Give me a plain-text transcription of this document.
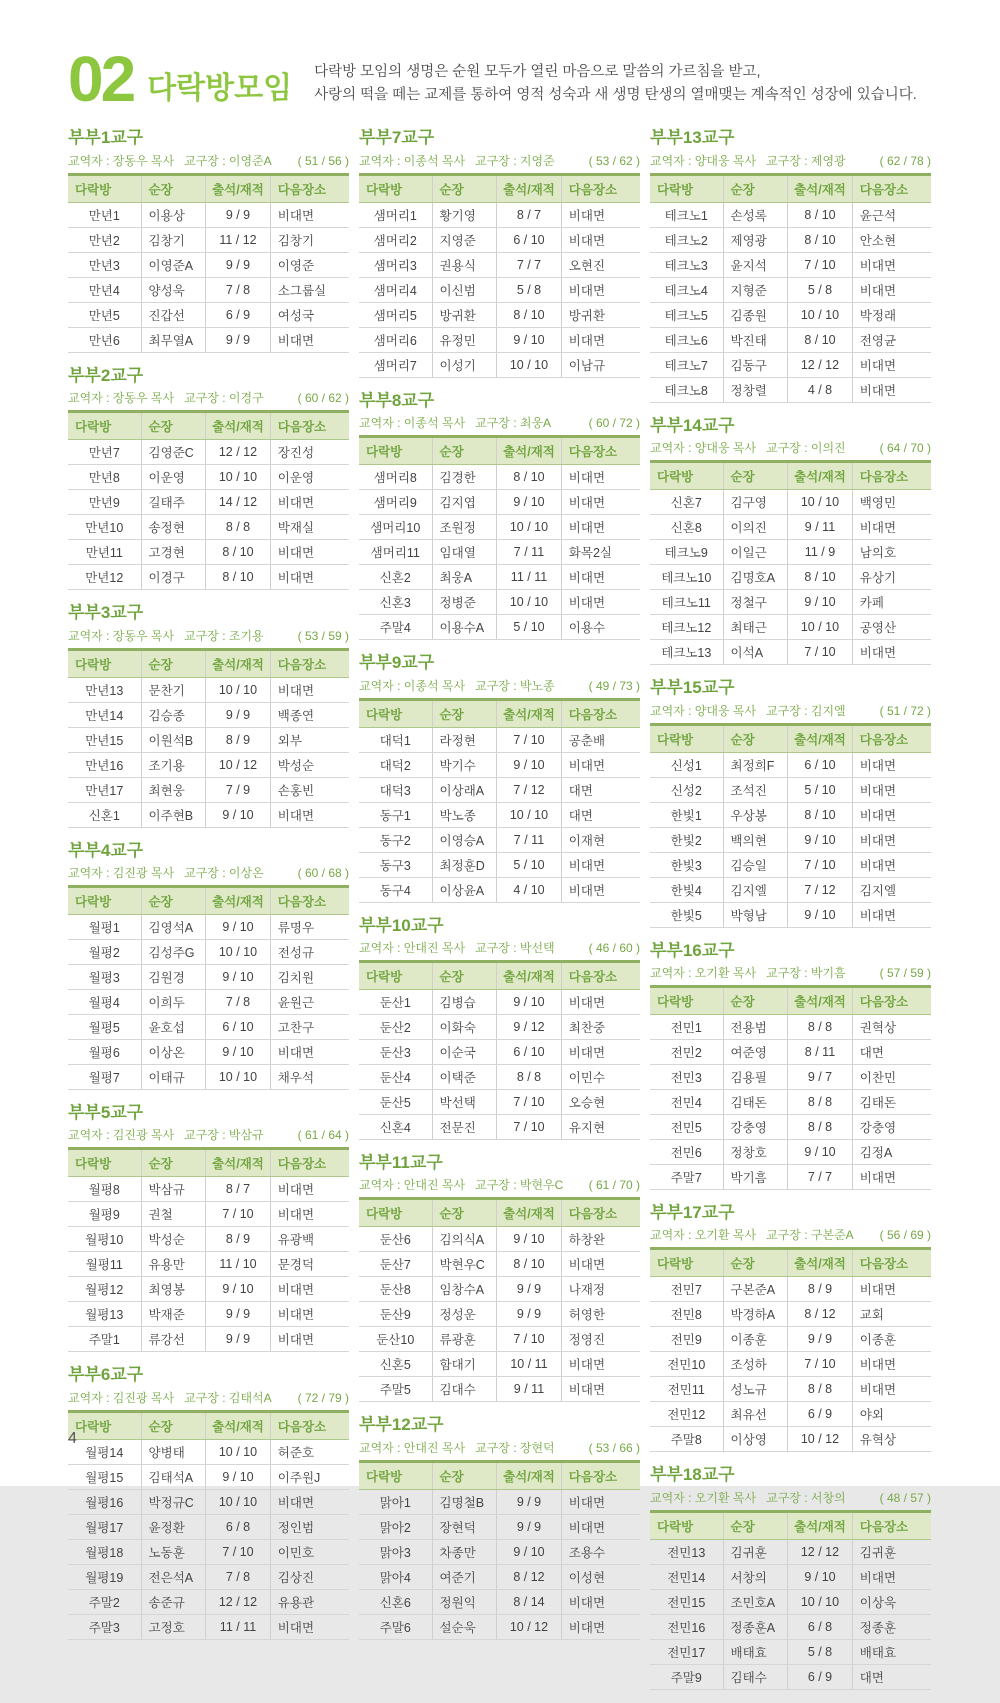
02 다락방모임 다락방 모임의 생명은 순원 모두가 열린 마음으로 말씀의 가르침을 받고,
사랑의 떡을 떼는 교제를 통하여 영적 성숙과 새 생명 탄생의 열매맺는 계속적인 성장에 있습니다.

부부1교구
교역자 : 장동우 목사 교구장 : 이영준A ( 51 / 56 )
다락방	순장	출석/재적	다음장소
만년1	이용상	9 / 9	비대면
만년2	김창기	11 / 12	김창기
만년3	이영준A	9 / 9	이영준
만년4	양성욱	7 / 8	소그룹실
만년5	진갑선	6 / 9	여성국
만년6	최무열A	9 / 9	비대면
부부2교구
교역자 : 장동우 목사 교구장 : 이경구	( 60 / 62 )
다락방	순장	출석/재적	다음장소
만년7	김영준C	12 / 12	장진성
만년8	이운영	10 / 10	이운영
만년9	길태주	14 / 12	비대면
만년10	송정현	8 / 8	박재실
만년11	고경현	8 / 10	비대면
만년12	이경구	8 / 10	비대면
부부3교구
교역자 : 장동우 목사 교구장 : 조기용	( 53 / 59 )
다락방	순장	출석/재적	다음장소
만년13	문찬기	10 / 10	비대면
만년14	김승종	9 / 9	백종연
만년15	이원석B	8 / 9	외부
만년16	조기용	10 / 12	박성순
만년17	최현웅	7 / 9	손홍빈
신혼1	이주현B	9 / 10	비대면
부부4교구
교역자 : 김진광 목사 교구장 : 이상온	( 60 / 68 )
다락방	순장	출석/재적	다음장소
월평1	김영석A	9 / 10	류명우
월평2	김성주G	10 / 10	전성규
월평3	김원경	9 / 10	김치원
월평4	이희두	7 / 8	윤원근
월평5	윤호섭	6 / 10	고찬구
월평6	이상온	9 / 10	비대면
월평7	이태규	10 / 10	채우석
부부5교구
교역자 : 김진광 목사 교구장 : 박삼규	( 61 / 64 )
다락방	순장	출석/재적	다음장소
월평8	박삼규	8 / 7	비대면
월평9	권철	7 / 10	비대면
월평10	박성순	8 / 9	유광백
월평11	유용만	11 / 10	문경덕
월평12	최영봉	9 / 10	비대면
월평13	박재준	9 / 9	비대면
주말1	류강선	9 / 9	비대면
부부6교구
교역자 : 김진광 목사 교구장 : 김태석A ( 72 / 79 )
다락방	순장	출석/재적	다음장소
월평14	양병태	10 / 10	허준호
월평15	김태석A	9 / 10	이주원J
월평16	박정규C	10 / 10	비대면
월평17	윤정환	6 / 8	정인범
월평18	노동훈	7 / 10	이민호
월평19	전은석A	7 / 8	김상진
주말2	송준규	12 / 12	유용관
주말3	고정호	11 / 11	비대면
부부7교구
교역자 : 이종석 목사 교구장 : 지영준	( 53 / 62 )
다락방	순장	출석/재적	다음장소
샘머리1	황기영	8 / 7	비대면
샘머리2	지영준	6 / 10	비대면
샘머리3	권용식	7 / 7	오현진
샘머리4	이신범	5 / 8	비대면
샘머리5	방귀환	8 / 10	방귀환
샘머리6	유정민	9 / 10	비대면
샘머리7	이성기	10 / 10	이남규
부부8교구
교역자 : 이종석 목사 교구장 : 최웅A	( 60 / 72 )
다락방	순장	출석/재적	다음장소
샘머리8	김경한	8 / 10	비대면
샘머리9	김지엽	9 / 10	비대면
샘머리10	조원정	10 / 10	비대면
샘머리11	임대열	7 / 11	화목2실
신혼2	최웅A	11 / 11	비대면
신혼3	정병준	10 / 10	비대면
주말4	이용수A	5 / 10	이용수
부부9교구
교역자 : 이종석 목사 교구장 : 박노종	( 49 / 73 )
다락방	순장	출석/재적	다음장소
대덕1	라정현	7 / 10	공춘배
대덕2	박기수	9 / 10	비대면
대덕3	이상래A	7 / 12	대면
동구1	박노종	10 / 10	대면
동구2	이영승A	7 / 11	이재현
동구3	최정훈D	5 / 10	비대면
동구4	이상윤A	4 / 10	비대면
부부10교구
교역자 : 안대진 목사 교구장 : 박선택	( 46 / 60 )
다락방	순장	출석/재적	다음장소
둔산1	김병습	9 / 10	비대면
둔산2	이화숙	9 / 12	최찬중
둔산3	이순국	6 / 10	비대면
둔산4	이택준	8 / 8	이민수
둔산5	박선택	7 / 10	오승현
신혼4	전문진	7 / 10	유지현
부부11교구
교역자 : 안대진 목사 교구장 : 박현우C ( 61 / 70 )
다락방	순장	출석/재적	다음장소
둔산6	김의식A	9 / 10	하창완
둔산7	박현우C	8 / 10	비대면
둔산8	임창수A	9 / 9	나재정
둔산9	정성운	9 / 9	허영한
둔산10	류광훈	7 / 10	정영진
신혼5	함대기	10 / 11	비대면
주말5	김대수	9 / 11	비대면
부부12교구
교역자 : 안대진 목사 교구장 : 장현덕	( 53 / 66 )
다락방	순장	출석/재적	다음장소
맑아1	김명철B	9 / 9	비대면
맑아2	장현덕	9 / 9	비대면
맑아3	차종만	9 / 10	조용수
맑아4	여준기	8 / 12	이성현
신혼6	정원익	8 / 14	비대면
주말6	설순욱	10 / 12	비대면
부부13교구
교역자 : 양대웅 목사 교구장 : 제영광	( 62 / 78 )
다락방	순장	출석/재적	다음장소
테크노1	손성록	8 / 10	윤근석
테크노2	제영광	8 / 10	안소현
테크노3	윤지석	7 / 10	비대면
테크노4	지형준	5 / 8	비대면
테크노5	김종원	10 / 10	박정래
테크노6	박진태	8 / 10	전영균
테크노7	김동구	12 / 12	비대면
테크노8	정창렬	4 / 8	비대면
부부14교구
교역자 : 양대웅 목사 교구장 : 이의진	( 64 / 70 )
다락방	순장	출석/재적	다음장소
신혼7	김구영	10 / 10	백영민
신혼8	이의진	9 / 11	비대면
테크노9	이일근	11 / 9	남의호
테크노10	김명호A	8 / 10	유상기
테크노11	정철구	9 / 10	카페
테크노12	최태근	10 / 10	공영산
테크노13	이석A	7 / 10	비대면
부부15교구
교역자 : 양대웅 목사 교구장 : 김지엘	( 51 / 72 )
다락방	순장	출석/재적	다음장소
신성1	최정희F	6 / 10	비대면
신성2	조석진	5 / 10	비대면
한빛1	우상봉	8 / 10	비대면
한빛2	백의현	9 / 10	비대면
한빛3	김승일	7 / 10	비대면
한빛4	김지엘	7 / 12	김지엘
한빛5	박형남	9 / 10	비대면
부부16교구
교역자 : 오기환 목사 교구장 : 박기흠	( 57 / 59 )
다락방	순장	출석/재적	다음장소
전민1	전용범	8 / 8	권혁상
전민2	여준영	8 / 11	대면
전민3	김용필	9 / 7	이찬민
전민4	김태돈	8 / 8	김태돈
전민5	강충영	8 / 8	강충영
전민6	정창호	9 / 10	김정A
주말7	박기흠	7 / 7	비대면
부부17교구
교역자 : 오기환 목사 교구장 : 구본준A ( 56 / 69 )
다락방	순장	출석/재적	다음장소
전민7	구본준A	8 / 9	비대면
전민8	박경하A	8 / 12	교회
전민9	이종훈	9 / 9	이종훈
전민10	조성하	7 / 10	비대면
전민11	성노규	8 / 8	비대면
전민12	최유선	6 / 9	야외
주말8	이상영	10 / 12	유혁상
부부18교구
교역자 : 오기환 목사 교구장 : 서창의	( 48 / 57 )
다락방	순장	출석/재적	다음장소
전민13	김귀훈	12 / 12	김귀훈
전민14	서창의	9 / 10	비대면
전민15	조민호A	10 / 10	이상욱
전민16	정종훈A	6 / 8	정종훈
전민17	배태효	5 / 8	배태효
주말9	김태수	6 / 9	대면
4
